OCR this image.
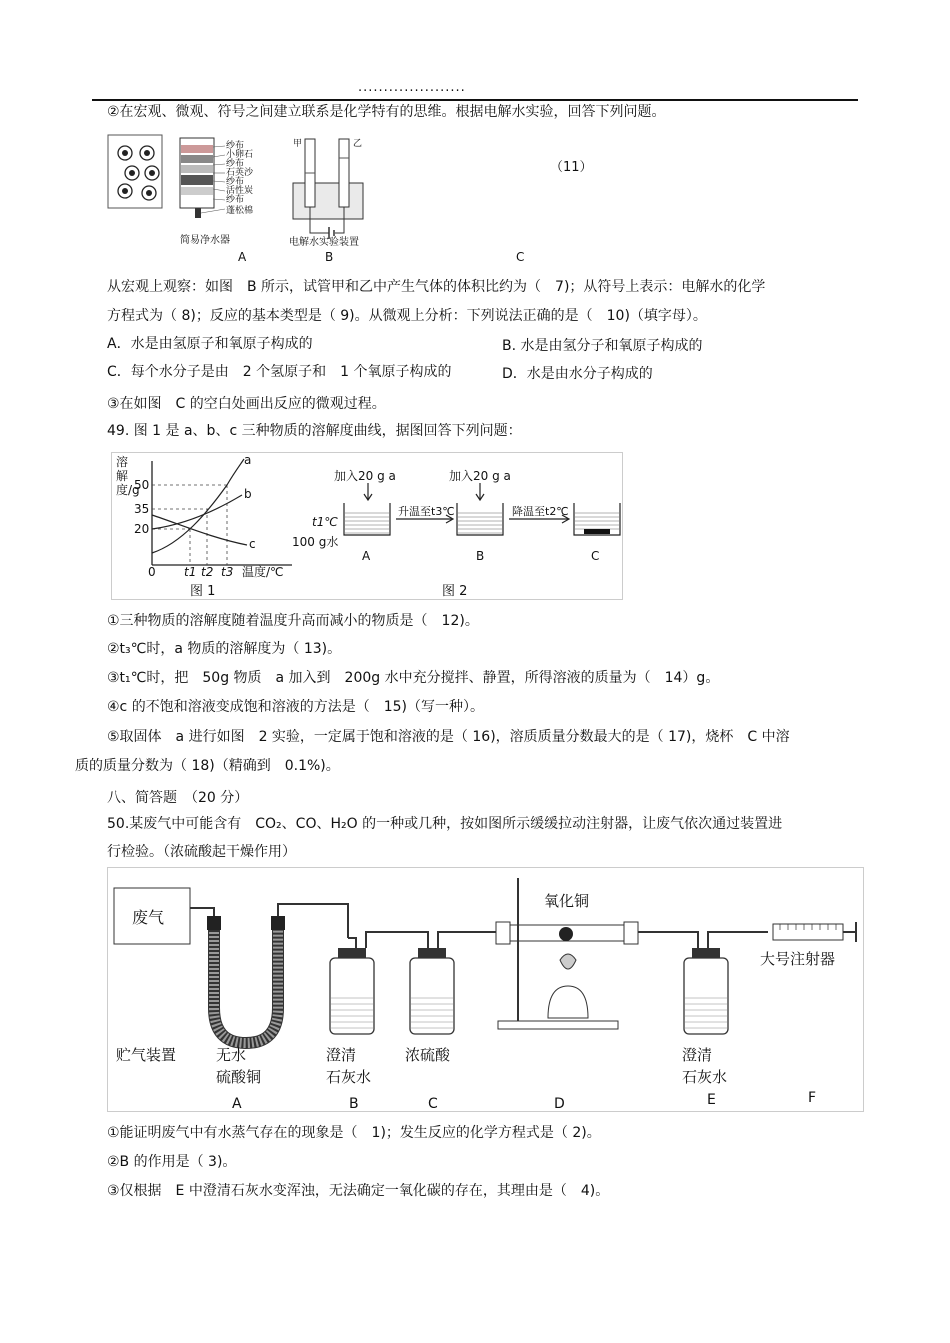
.....................
②在宏观、微观、符号之间建立联系是化学特有的思维。根据电解水实验，回答下列问题。
纱布
小卵石
纱布
石英沙
纱布
活性炭
纱布
蓬松棉
简易净水器
甲	乙
电解水实验装置
（11）
A	B	C
从宏观上观察：如图　B 所示，试管甲和乙中产生气体的体积比约为（　7)；从符号上表示：电解水的化学
方程式为（ 8)；反应的基本类型是（ 9)。从微观上分析：下列说法正确的是（　10)（填字母）。
A．水是由氢原子和氧原子构成的	B. 水是由氢分子和氧原子构成的
C．每个水分子是由　2 个氢原子和　1 个氧原子构成的	D．水是由水分子构成的
③在如图　C 的空白处画出反应的微观过程。
49. 图 1 是 a、b、c 三种物质的溶解度曲线，据图回答下列问题：
溶解度/g
50
35
20
0 t1 t2 t3 温度/℃
a
b
c
图 1
加入20 g a	加入20 g a
升温至t3℃	降温至t2℃
t1℃
100 g水
A	B	C
图 2
①三种物质的溶解度随着温度升高而减小的物质是（　12)。
②t₃℃时，a 物质的溶解度为（ 13)。
③t₁℃时，把　50g 物质　a 加入到　200g 水中充分搅拌、静置，所得溶液的质量为（　14）g。
④c 的不饱和溶液变成饱和溶液的方法是（　15)（写一种）。
⑤取固体　a 进行如图　2 实验，一定属于饱和溶液的是（ 16)，溶质质量分数最大的是（ 17)，烧杯　C 中溶
质的质量分数为（ 18)（精确到　0.1%)。
八、简答题　（20 分）
50.某废气中可能含有　CO₂、CO、H₂O 的一种或几种，按如图所示缓缓拉动注射器，让废气依次通过装置进
行检验。（浓硫酸起干燥作用）
废气
氧化铜
大号注射器
贮气装置	无水
硫酸铜
澄清
石灰水
浓硫酸	澄清
石灰水
A	B	C	D	E	F
①能证明废气中有水蒸气存在的现象是（　1)；发生反应的化学方程式是（ 2)。
②B 的作用是（ 3)。
③仅根据　E 中澄清石灰水变浑浊，无法确定一氧化碳的存在，其理由是（　4)。
